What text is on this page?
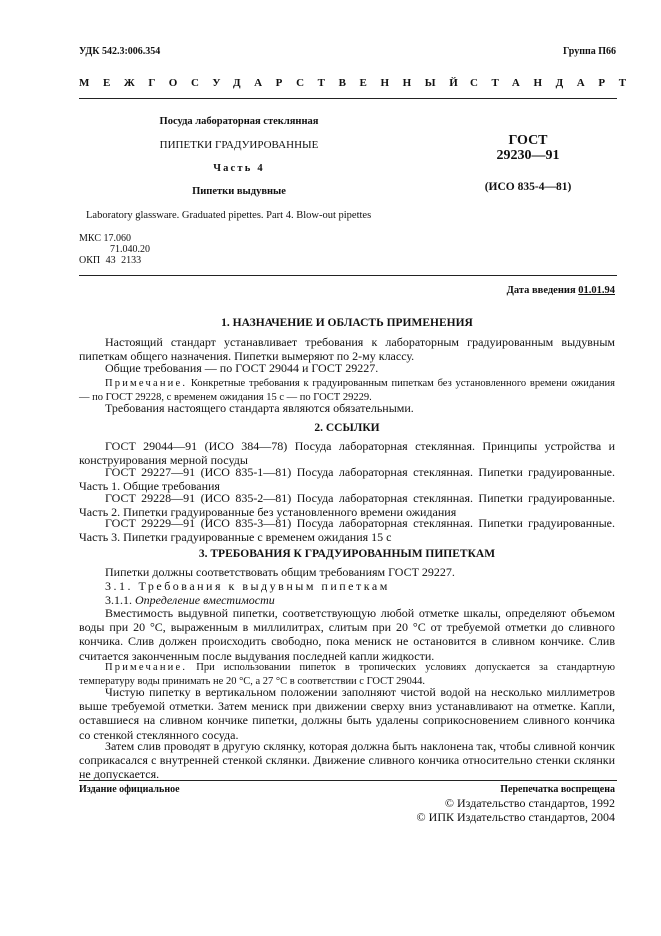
УДК 542.3:006.354	Группа П66
МЕЖГОСУДАРСТВЕННЫЙ
СТАНДАРТ
Посуда лабораторная стеклянная
ПИПЕТКИ ГРАДУИРОВАННЫЕ
Часть 4
Пипетки выдувные
ГОСТ
29230—91
(ИСО 835-4—81)
Laboratory glassware. Graduated pipettes. Part 4. Blow-out pipettes
МКС 17.060
71.040.20
ОКП 43 2133
Дата введения 01.01.94
1. НАЗНАЧЕНИЕ И ОБЛАСТЬ ПРИМЕНЕНИЯ
Настоящий стандарт устанавливает требования к лабораторным градуированным выдувным пипеткам общего назначения. Пипетки вымеряют по 2-му классу.
Общие требования — по ГОСТ 29044 и ГОСТ 29227.
Примечание. Конкретные требования к градуированным пипеткам без установленного времени ожидания — по ГОСТ 29228, с временем ожидания 15 с — по ГОСТ 29229.
Требования настоящего стандарта являются обязательными.
2. ССЫЛКИ
ГОСТ 29044—91 (ИСО 384—78) Посуда лабораторная стеклянная. Принципы устройства и конструирования мерной посуды
ГОСТ 29227—91 (ИСО 835-1—81) Посуда лабораторная стеклянная. Пипетки градуированные. Часть 1. Общие требования
ГОСТ 29228—91 (ИСО 835-2—81) Посуда лабораторная стеклянная. Пипетки градуированные. Часть 2. Пипетки градуированные без установленного времени ожидания
ГОСТ 29229—91 (ИСО 835-3—81) Посуда лабораторная стеклянная. Пипетки градуированные. Часть 3. Пипетки градуированные с временем ожидания 15 с
3. ТРЕБОВАНИЯ К ГРАДУИРОВАННЫМ ПИПЕТКАМ
Пипетки должны соответствовать общим требованиям ГОСТ 29227.
3.1. Требования к выдувным пипеткам
3.1.1. Определение вместимости
Вместимость выдувной пипетки, соответствующую любой отметке шкалы, определяют объемом воды при 20 °С, выраженным в миллилитрах, слитым при 20 °С от требуемой отметки до сливного кончика. Слив должен происходить свободно, пока мениск не остановится в сливном кончике. Слив считается законченным после выдувания последней капли жидкости.
Примечание. При использовании пипеток в тропических условиях допускается за стандартную температуру воды принимать не 20 °С, а 27 °С в соответствии с ГОСТ 29044.
Чистую пипетку в вертикальном положении заполняют чистой водой на несколько миллиметров выше требуемой отметки. Затем мениск при движении сверху вниз устанавливают на отметке. Капли, оставшиеся на сливном кончике пипетки, должны быть удалены соприкосновением сливного кончика со стенкой стеклянного сосуда.
Затем слив проводят в другую склянку, которая должна быть наклонена так, чтобы сливной кончик соприкасался с внутренней стенкой склянки. Движение сливного кончика относительно стенки склянки не допускается.
Издание официальное	Перепечатка воспрещена
© Издательство стандартов, 1992
© ИПК Издательство стандартов, 2004
